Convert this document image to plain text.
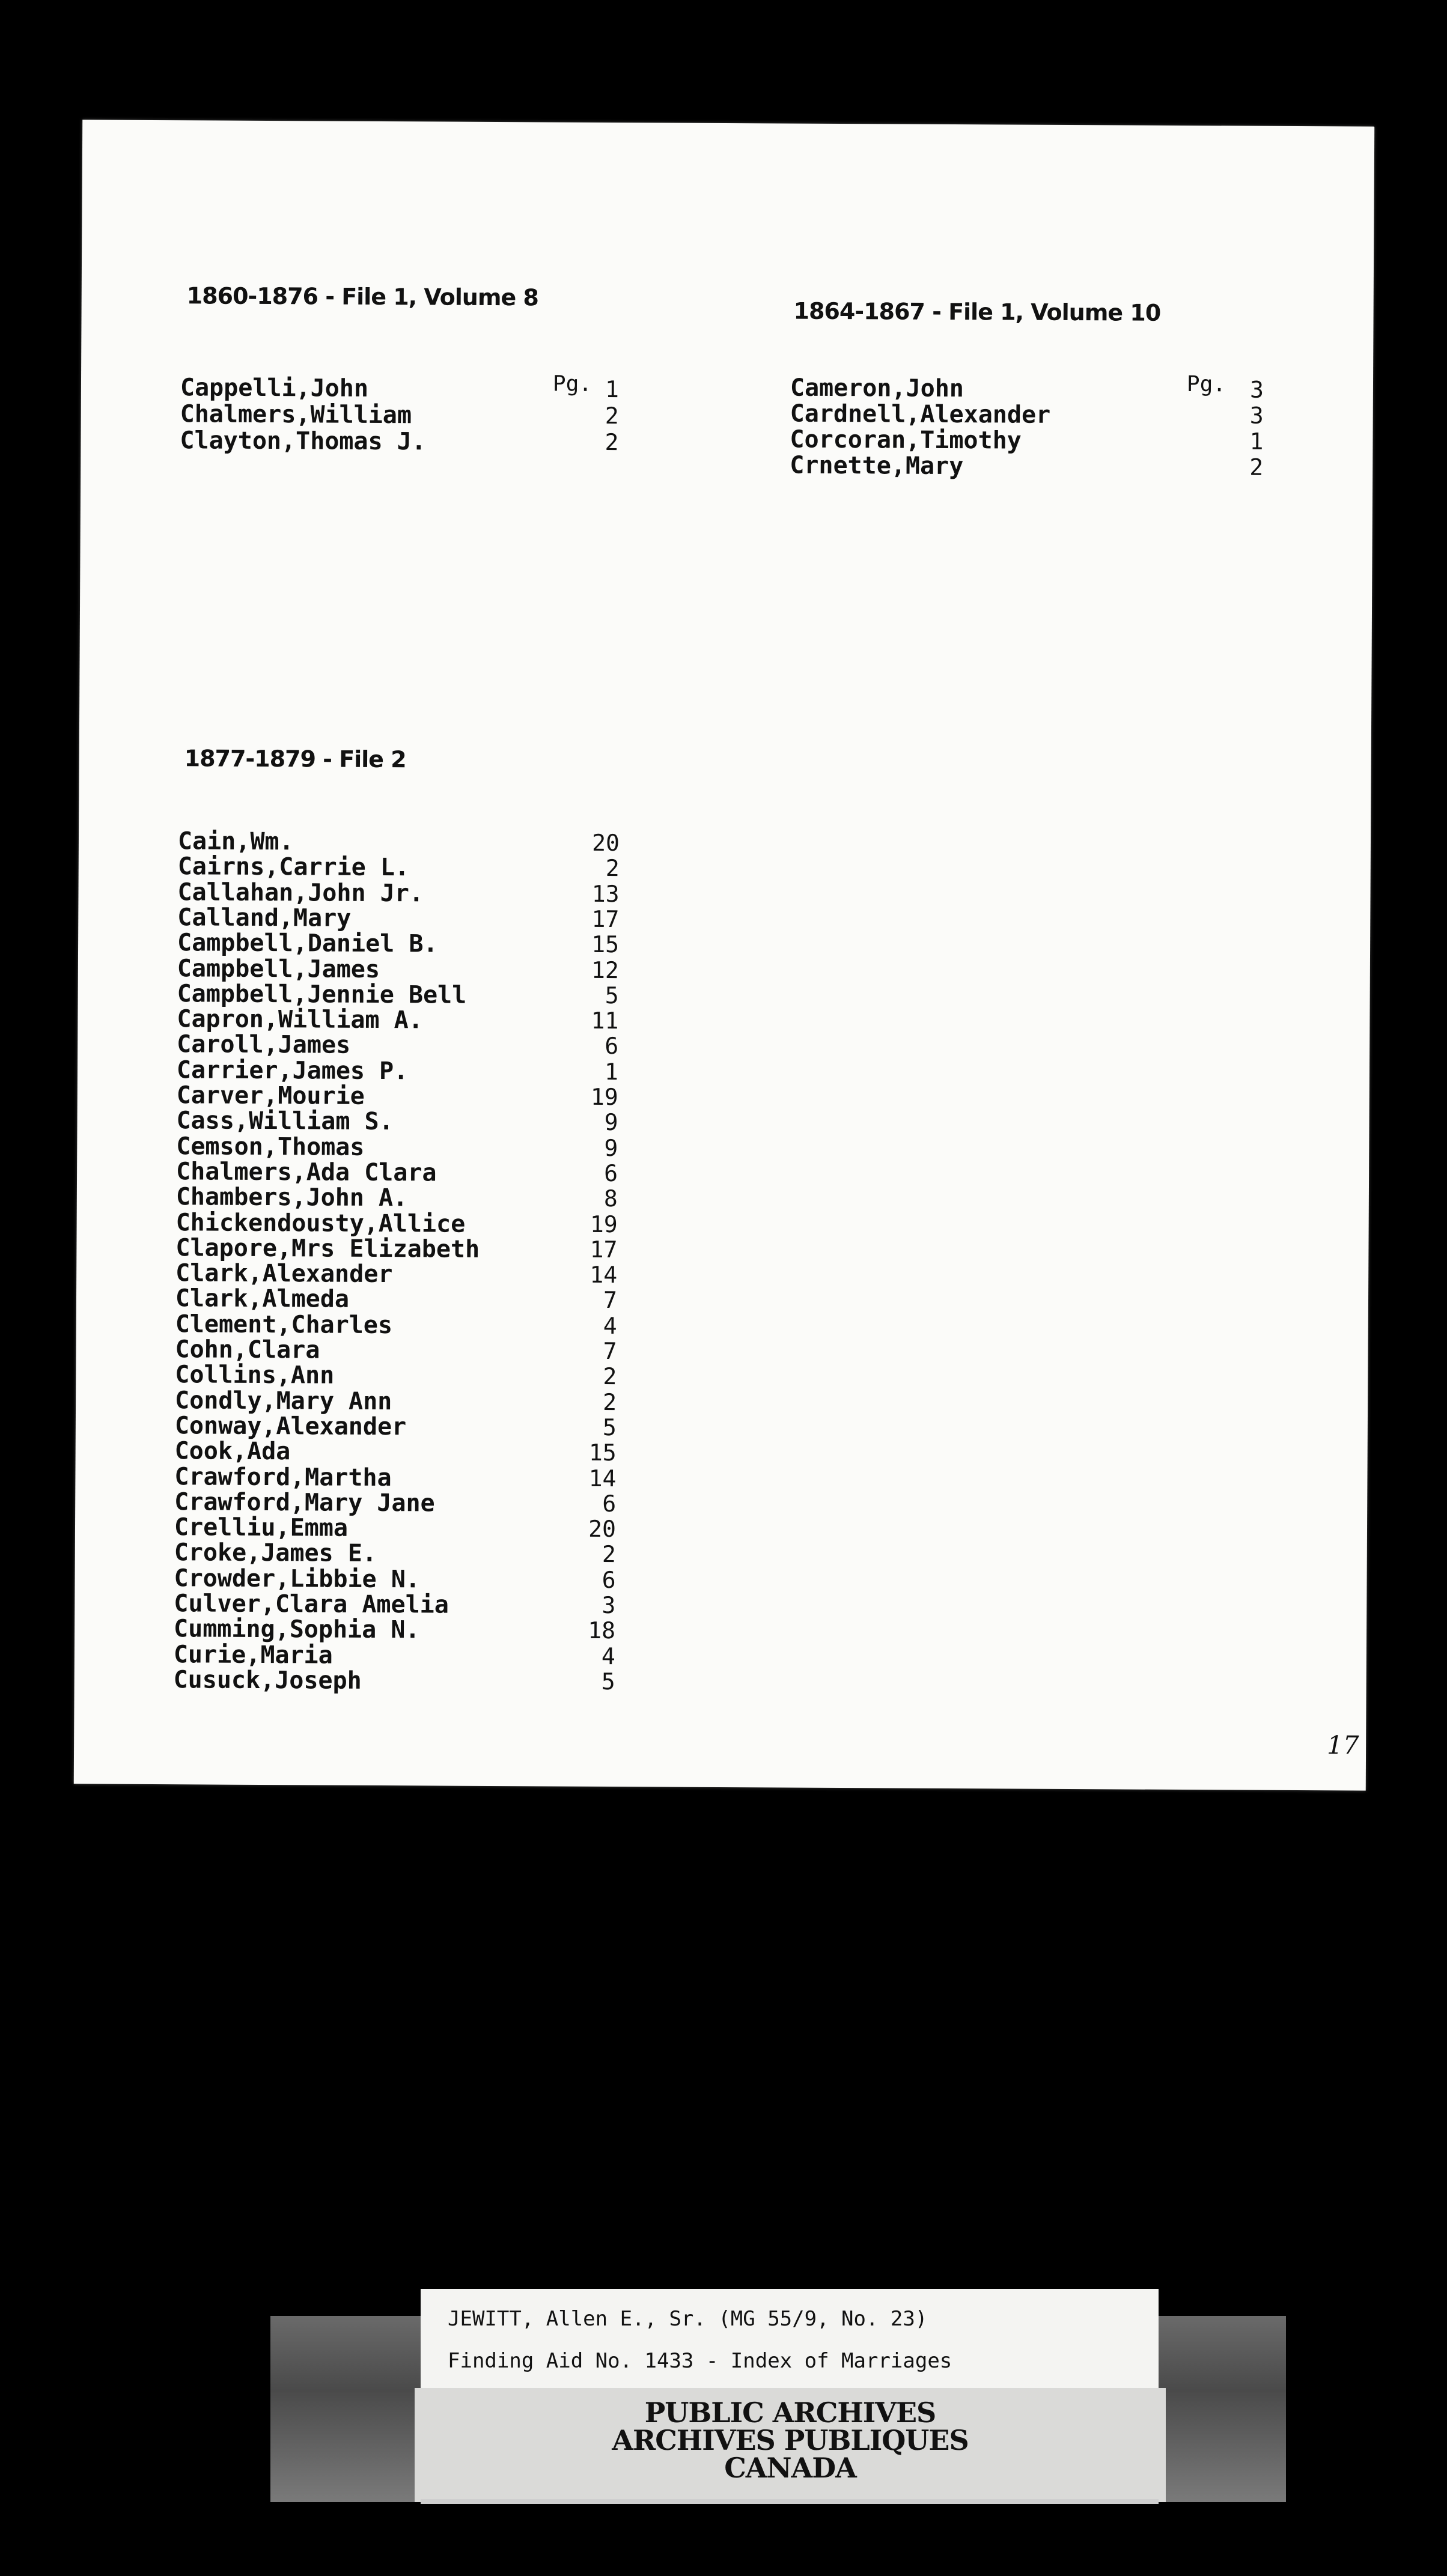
1860-1876 - File 1, Volume 8
Pg.
Cappelli,John	1
Chalmers,William	2
Clayton,Thomas J.	2
1864-1867 - File 1, Volume 10
Pg.
Cameron,John	3
Cardnell,Alexander	3
Corcoran,Timothy	1
Crnette,Mary	2
1877-1879 - File 2
Cain,Wm.	20
Cairns,Carrie L.	2
Callahan,John Jr.	13
Calland,Mary	17
Campbell,Daniel B.	15
Campbell,James	12
Campbell,Jennie Bell	5
Capron,William A.	11
Caroll,James	6
Carrier,James P.	1
Carver,Mourie	19
Cass,William S.	9
Cemson,Thomas	9
Chalmers,Ada Clara	6
Chambers,John A.	8
Chickendousty,Allice	19
Clapore,Mrs Elizabeth	17
Clark,Alexander	14
Clark,Almeda	7
Clement,Charles	4
Cohn,Clara	7
Collins,Ann	2
Condly,Mary Ann	2
Conway,Alexander	5
Cook,Ada	15
Crawford,Martha	14
Crawford,Mary Jane	6
Crelliu,Emma	20
Croke,James E.	2
Crowder,Libbie N.	6
Culver,Clara Amelia	3
Cumming,Sophia N.	18
Curie,Maria	4
Cusuck,Joseph	5
17
JEWITT, Allen E., Sr. (MG 55/9, No. 23)
Finding Aid No. 1433 - Index of Marriages
PUBLIC ARCHIVES
ARCHIVES PUBLIQUES
CANADA
